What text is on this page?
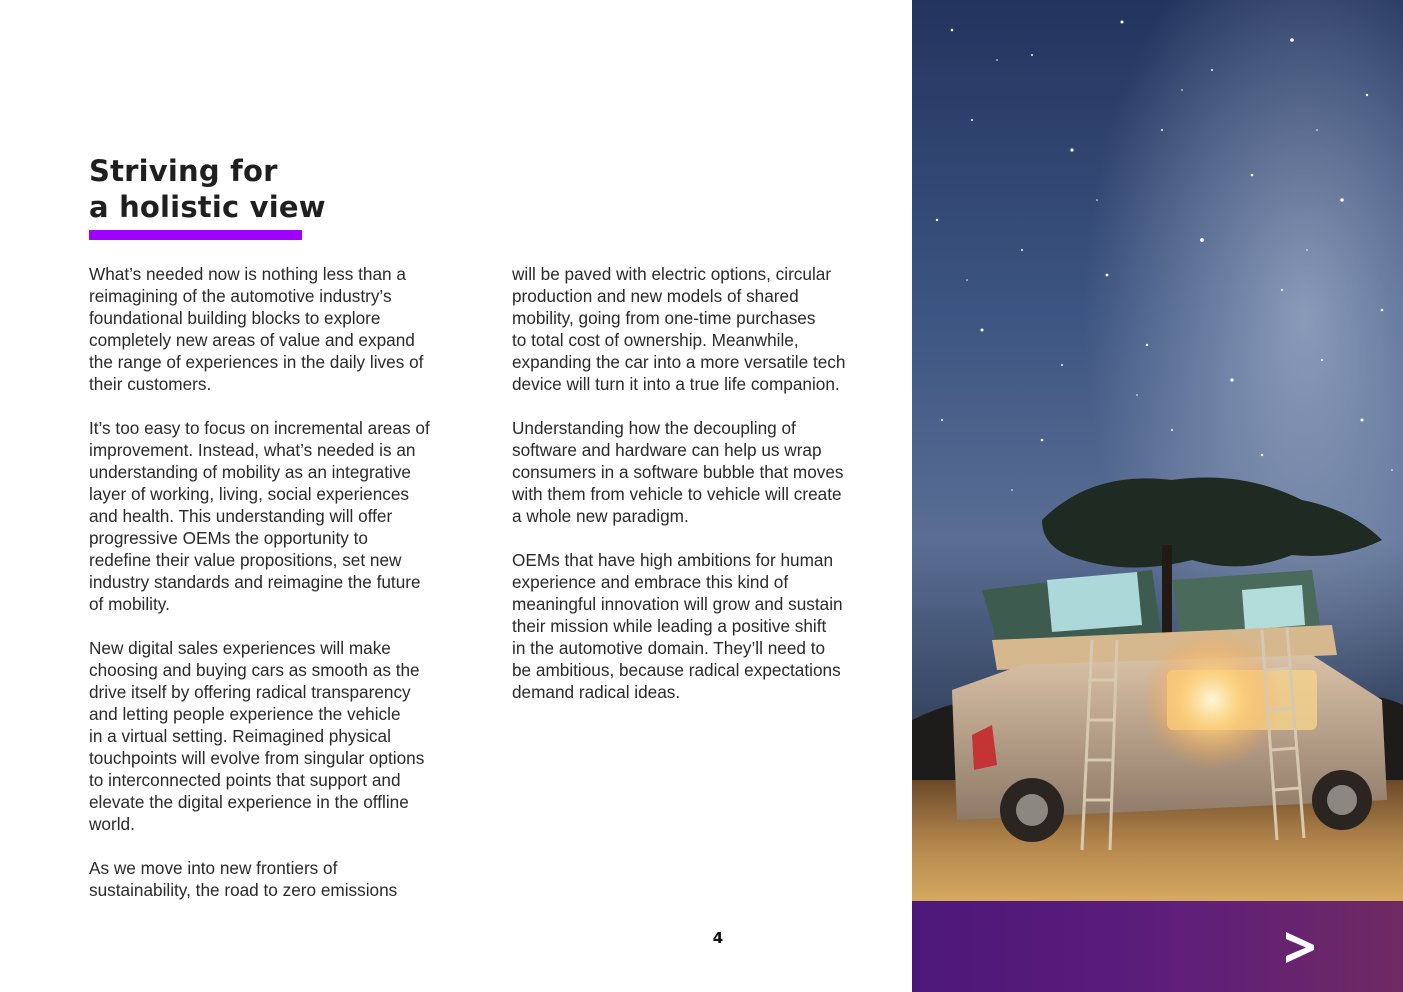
Striving for
a holistic view

What’s needed now is nothing less than a
reimagining of the automotive industry’s
foundational building blocks to explore
completely new areas of value and expand
the range of experiences in the daily lives of
their customers.

It’s too easy to focus on incremental areas of
improvement. Instead, what’s needed is an
understanding of mobility as an integrative
layer of working, living, social experiences
and health. This understanding will offer
progressive OEMs the opportunity to
redefine their value propositions, set new
industry standards and reimagine the future
of mobility.

New digital sales experiences will make
choosing and buying cars as smooth as the
drive itself by offering radical transparency
and letting people experience the vehicle
in a virtual setting. Reimagined physical
touchpoints will evolve from singular options
to interconnected points that support and
elevate the digital experience in the offline
world.

As we move into new frontiers of
sustainability, the road to zero emissions

will be paved with electric options, circular
production and new models of shared
mobility, going from one-time purchases
to total cost of ownership. Meanwhile,
expanding the car into a more versatile tech
device will turn it into a true life companion.

Understanding how the decoupling of
software and hardware can help us wrap
consumers in a software bubble that moves
with them from vehicle to vehicle will create
a whole new paradigm.

OEMs that have high ambitions for human
experience and embrace this kind of
meaningful innovation will grow and sustain
their mission while leading a positive shift
in the automotive domain. They’ll need to
be ambitious, because radical expectations
demand radical ideas.

4
